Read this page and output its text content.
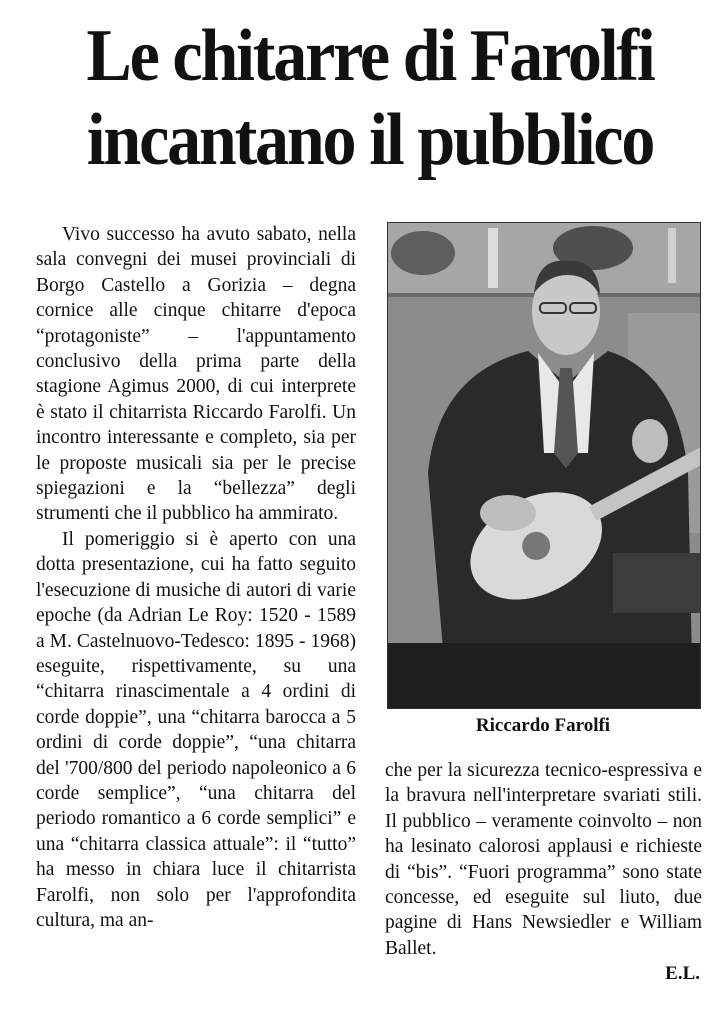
Le chitarre di Farolfi incantano il pubblico

Vivo successo ha avuto sabato, nella sala convegni dei musei provinciali di Borgo Castello a Gorizia – degna cornice alle cinque chitarre d'epoca “protagoniste” – l'appuntamento conclusivo della prima parte della stagione Agimus 2000, di cui interprete è stato il chitarrista Riccardo Farolfi. Un incontro interessante e completo, sia per le proposte musicali sia per le precise spiegazioni e la “bellezza” degli strumenti che il pubblico ha ammirato.

Il pomeriggio si è aperto con una dotta presentazione, cui ha fatto seguito l'esecuzione di musiche di autori di varie epoche (da Adrian Le Roy: 1520 - 1589 a M. Castelnuovo-Tedesco: 1895 - 1968) eseguite, rispettivamente, su una “chitarra rinascimentale a 4 ordini di corde doppie”, una “chitarra barocca a 5 ordini di corde doppie”, “una chitarra del '700/800 del periodo napoleonico a 6 corde semplice”, “una chitarra del periodo romantico a 6 corde semplici” e una “chitarra classica attuale”: il “tutto” ha messo in chiara luce il chitarrista Farolfi, non solo per l'approfondita cultura, ma an-

Riccardo Farolfi

che per la sicurezza tecnico-espressiva e la bravura nell'interpretare svariati stili. Il pubblico – veramente coinvolto – non ha lesinato calorosi applausi e richieste di “bis”. “Fuori programma” sono state concesse, ed eseguite sul liuto, due pagine di Hans Newsiedler e William Ballet.

E.L.
